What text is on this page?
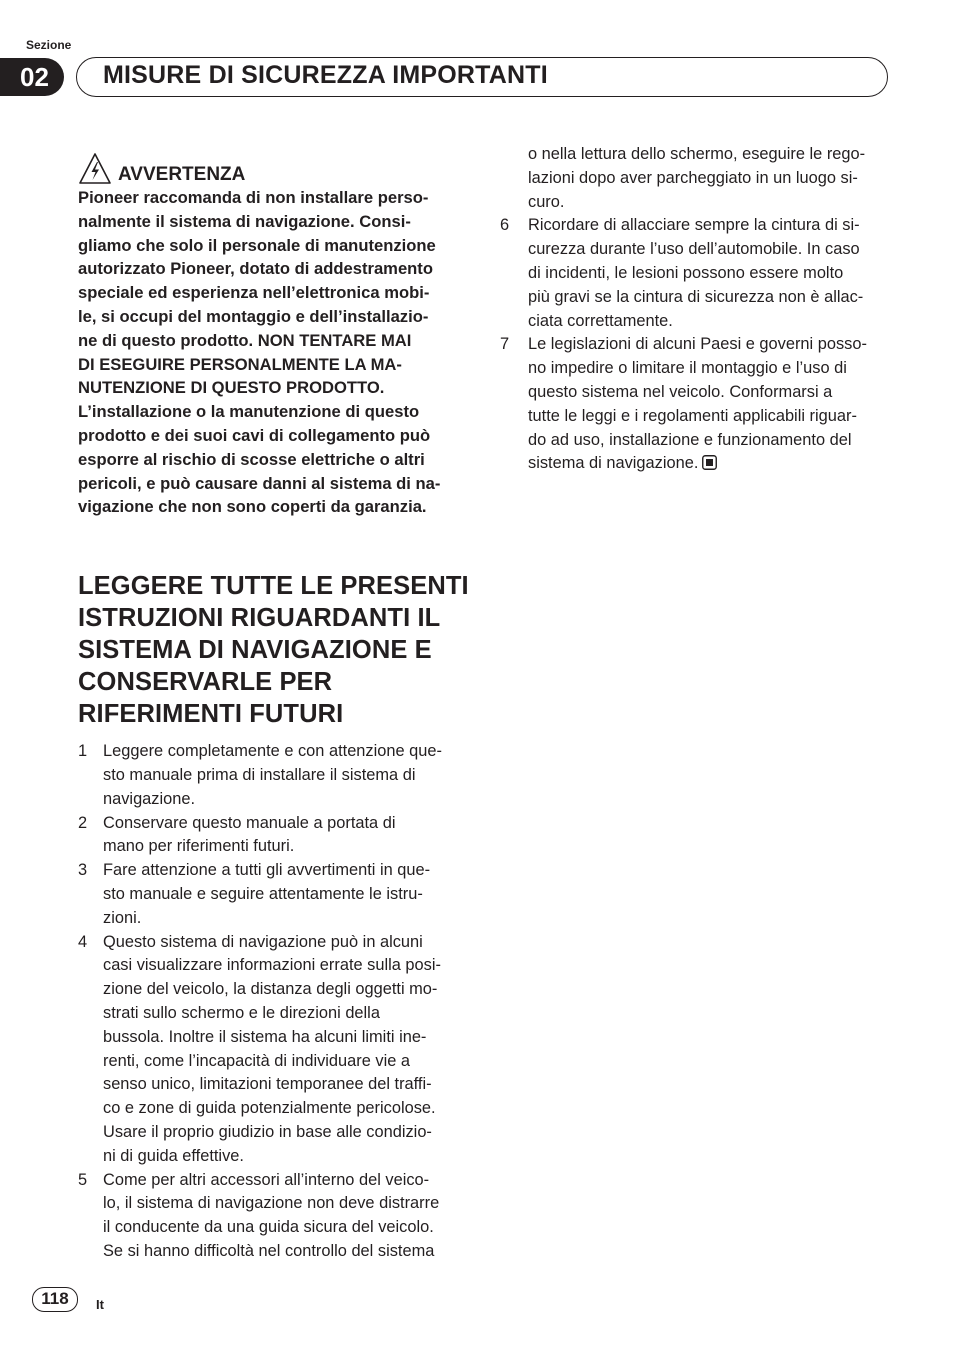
Sezione
02	MISURE DI SICUREZZA IMPORTANTI
AVVERTENZA

Pioneer raccomanda di non installare perso-

nalmente il sistema di navigazione. Consi-

gliamo che solo il personale di manutenzione

autorizzato Pioneer, dotato di addestramento

speciale ed esperienza nell’elettronica mobi-

le, si occupi del montaggio e dell’installazio-

ne di questo prodotto. NON TENTARE MAI

DI ESEGUIRE PERSONALMENTE LA MA-

NUTENZIONE DI QUESTO PRODOTTO.

L’installazione o la manutenzione di questo

prodotto e dei suoi cavi di collegamento può

esporre al rischio di scosse elettriche o altri

pericoli, e può causare danni al sistema di na-

vigazione che non sono coperti da garanzia.

LEGGERE TUTTE LE PRESENTI
ISTRUZIONI RIGUARDANTI IL
SISTEMA DI NAVIGAZIONE E
CONSERVARLE PER
RIFERIMENTI FUTURI
1 Leggere completamente e con attenzione que-
sto manuale prima di installare il sistema di
navigazione.
2 Conservare questo manuale a portata di
mano per riferimenti futuri.
3 Fare attenzione a tutti gli avvertimenti in que-
sto manuale e seguire attentamente le istru-
zioni.
4 Questo sistema di navigazione può in alcuni
casi visualizzare informazioni errate sulla posi-
zione del veicolo, la distanza degli oggetti mo-
strati sullo schermo e le direzioni della
bussola. Inoltre il sistema ha alcuni limiti ine-
renti, come l’incapacità di individuare vie a
senso unico, limitazioni temporanee del traffi-
co e zone di guida potenzialmente pericolose.
Usare il proprio giudizio in base alle condizio-
ni di guida effettive.
5 Come per altri accessori all’interno del veico-
lo, il sistema di navigazione non deve distrarre
il conducente da una guida sicura del veicolo.
Se si hanno difficoltà nel controllo del sistema
o nella lettura dello schermo, eseguire le rego-
lazioni dopo aver parcheggiato in un luogo si-
curo.
6	Ricordare di allacciare sempre la cintura di si-
curezza durante l’uso dell’automobile. In caso
di incidenti, le lesioni possono essere molto
più gravi se la cintura di sicurezza non è allac-
ciata correttamente.
7	Le legislazioni di alcuni Paesi e governi posso-
no impedire o limitare il montaggio e l’uso di
questo sistema nel veicolo. Conformarsi a
tutte le leggi e i regolamenti applicabili riguar-
do ad uso, installazione e funzionamento del
sistema di navigazione.
118	It
